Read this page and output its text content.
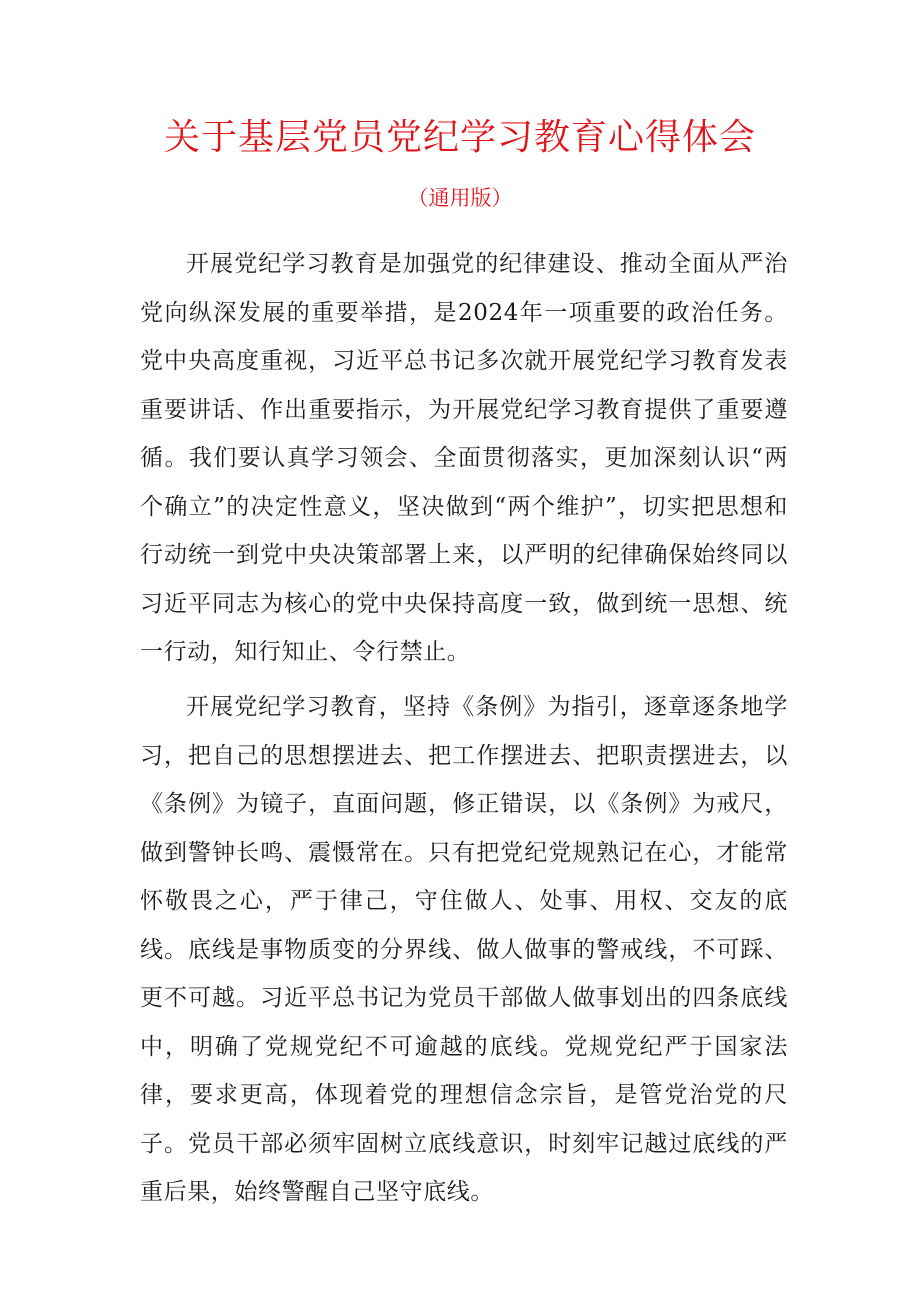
关于基层党员党纪学习教育心得体会
（通用版）

开展党纪学习教育是加强党的纪律建设、推动全面从严治党向纵深发展的重要举措，是2024年一项重要的政治任务。党中央高度重视，习近平总书记多次就开展党纪学习教育发表重要讲话、作出重要指示，为开展党纪学习教育提供了重要遵循。我们要认真学习领会、全面贯彻落实，更加深刻认识“两个确立”的决定性意义，坚决做到“两个维护”，切实把思想和行动统一到党中央决策部署上来，以严明的纪律确保始终同以习近平同志为核心的党中央保持高度一致，做到统一思想、统一行动，知行知止、令行禁止。

开展党纪学习教育，坚持《条例》为指引，逐章逐条地学习，把自己的思想摆进去、把工作摆进去、把职责摆进去，以《条例》为镜子，直面问题，修正错误，以《条例》为戒尺，做到警钟长鸣、震慑常在。只有把党纪党规熟记在心，才能常怀敬畏之心，严于律己，守住做人、处事、用权、交友的底线。底线是事物质变的分界线、做人做事的警戒线，不可踩、更不可越。习近平总书记为党员干部做人做事划出的四条底线中，明确了党规党纪不可逾越的底线。党规党纪严于国家法律，要求更高，体现着党的理想信念宗旨，是管党治党的尺子。党员干部必须牢固树立底线意识，时刻牢记越过底线的严重后果，始终警醒自己坚守底线。
